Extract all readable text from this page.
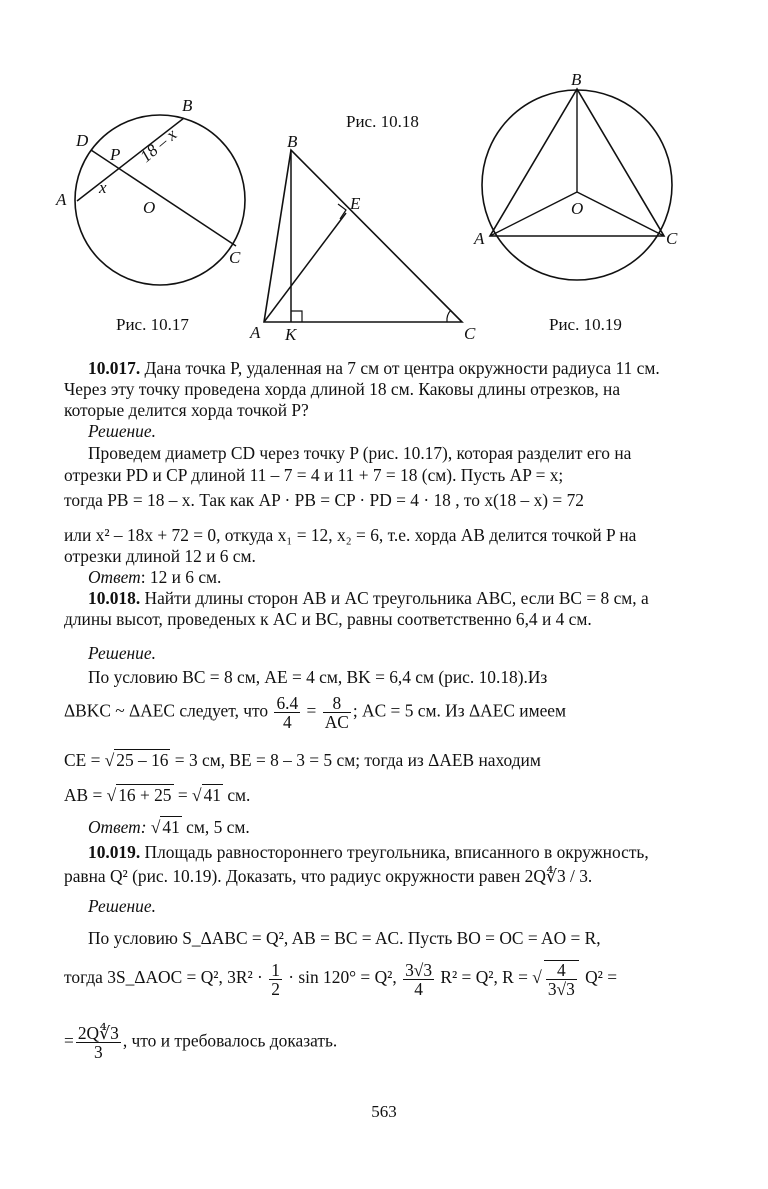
B
D
P
A
x
O
C
18 – x	B
E
A K	C
B
O
A	C
Рис. 10.18
Рис. 10.17	Рис. 10.19
10.017. Дана точка P, удаленная на 7 см от центра окружности радиуса 11 см. Через эту точку проведена хорда длиной 18 см. Каковы длины отрезков, на которые делится хорда точкой P?
Решение.
Проведем диаметр CD через точку P (рис. 10.17), которая разделит его на отрезки PD и CP длиной 11 – 7 = 4 и 11 + 7 = 18 (см). Пусть AP = x;
тогда PB = 18 – x. Так как AP · PB = CP · PD = 4 · 18 , то x(18 – x) = 72
или x² – 18x + 72 = 0, откуда x₁ = 12, x₂ = 6, т.е. хорда AB делится точкой P на отрезки длиной 12 и 6 см.
Ответ: 12 и 6 см.
10.018. Найти длины сторон AB и AC треугольника ABC, если BC = 8 см, а длины высот, проведеных к AC и BC, равны соответственно 6,4 и 4 см.
Решение.
По условию BC = 8 см, AE = 4 см, BK = 6,4 см (рис. 10.18).Из
ΔBKC ~ ΔAEC следует, что $\frac{6.4}{4} = \frac{8}{AC}$ ; AC = 5 см. Из ΔAEC имеем
CE = √ 25 – 16 = 3 см, BE = 8 – 3 = 5 см; тогда из ΔAEB находим
AB = √ 16 + 25 = √ 41 см.
Ответ: √ 41 см, 5 см.
10.019. Площадь равностороннего треугольника, вписанного в окружность, равна Q² (рис. 10.19). Доказать, что радиус окружности равен 2Q∜3 / 3.
Решение.
По условию S_ΔABC = Q², AB = BC = AC. Пусть BO = OC = AO = R,
тогда 3S_ΔAOC = Q², $3R^2 \cdot \frac{1}{2} \cdot \sin 120^\circ = Q^2$, $\frac{3√3}{4} R^2 = Q^2$, R = √ $\frac{4}{3√3} Q^2$ =
= $\frac{2Q∜3}{3}$ , что и требовалось доказать.
563
